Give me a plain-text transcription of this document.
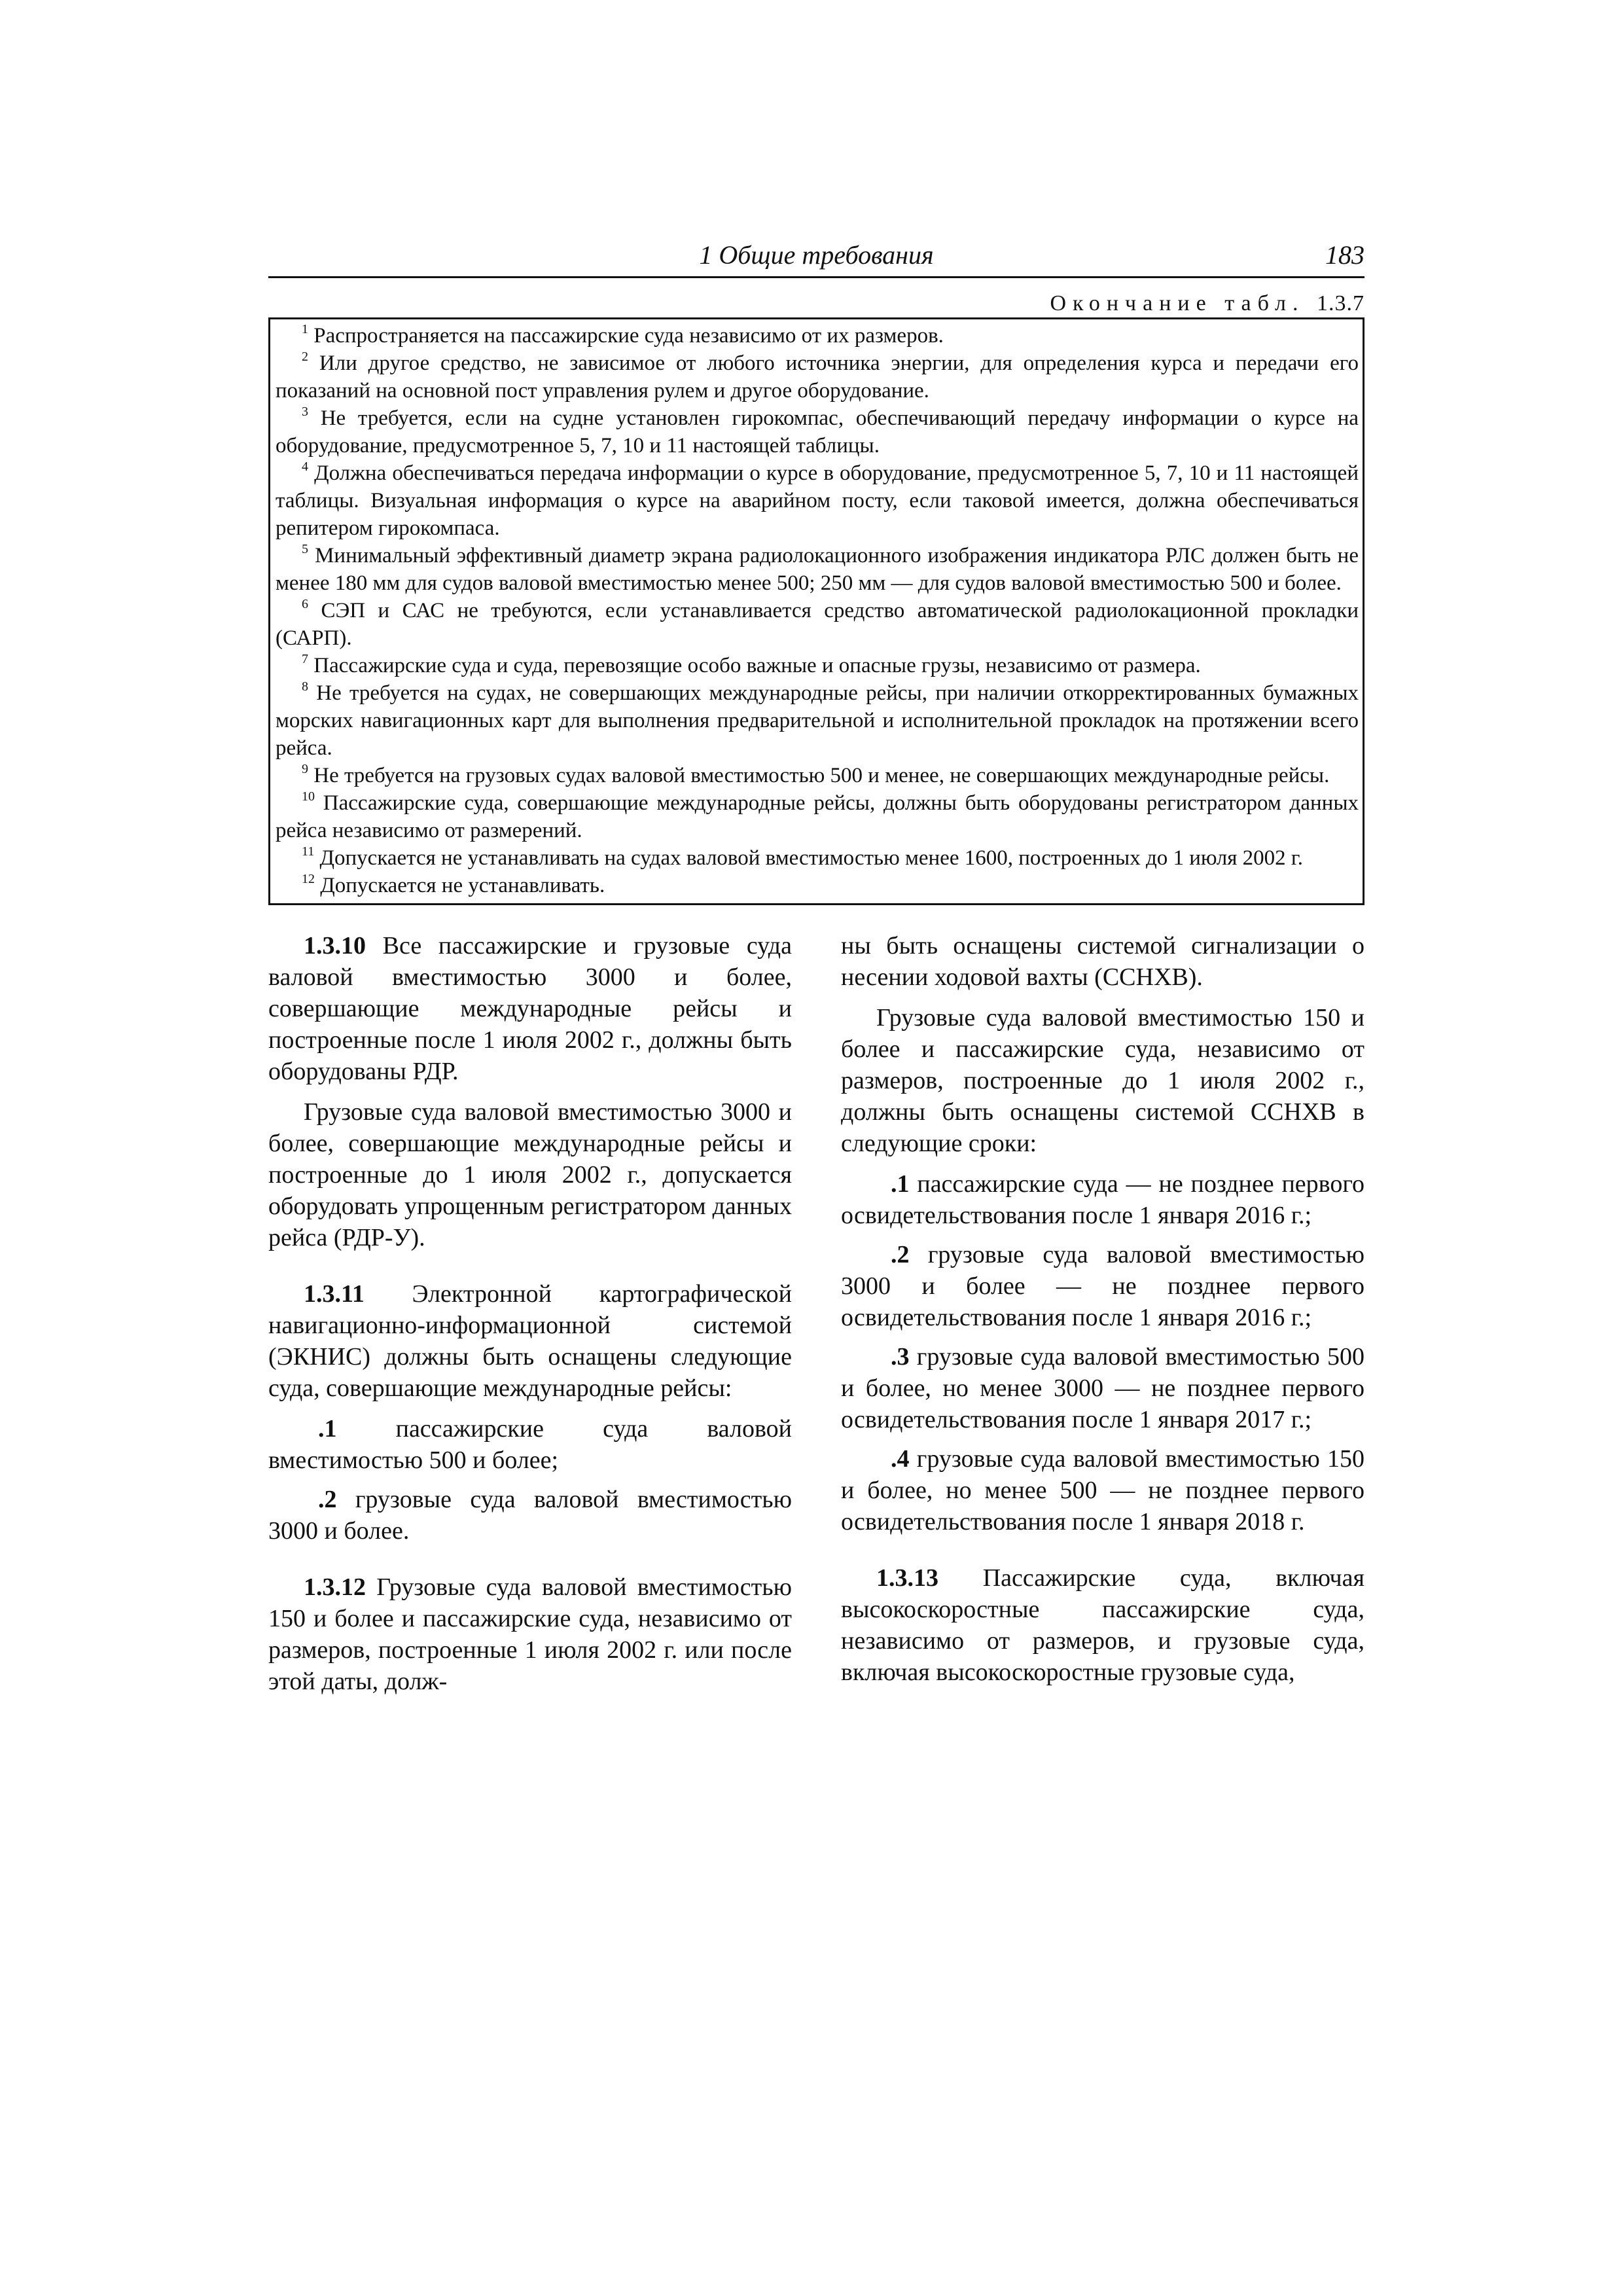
1 Общие требования	183
Окончание табл. 1.3.7

$^1$ Распространяется на пассажирские суда независимо от их размеров.

$^2$ Или другое средство, не зависимое от любого источника энергии, для определения курса и передачи его показаний на основной пост управления рулем и другое оборудование.

$^3$ Не требуется, если на судне установлен гирокомпас, обеспечивающий передачу информации о курсе на оборудование, предусмотренное 5, 7, 10 и 11 настоящей таблицы.

$^4$ Должна обеспечиваться передача информации о курсе в оборудование, предусмотренное 5, 7, 10 и 11 настоящей таблицы. Визуальная информация о курсе на аварийном посту, если таковой имеется, должна обеспечиваться репитером гирокомпаса.

$^5$ Минимальный эффективный диаметр экрана радиолокационного изображения индикатора РЛС должен быть не менее 180 мм для судов валовой вместимостью менее 500; 250 мм — для судов валовой вместимостью 500 и более.

$^6$ СЭП и САС не требуются, если устанавливается средство автоматической радиолокационной прокладки (САРП).

$^7$ Пассажирские суда и суда, перевозящие особо важные и опасные грузы, независимо от размера.

$^8$ Не требуется на судах, не совершающих международные рейсы, при наличии откорректированных бумажных морских навигационных карт для выполнения предварительной и исполнительной прокладок на протяжении всего рейса.

$^9$ Не требуется на грузовых судах валовой вместимостью 500 и менее, не совершающих международные рейсы.

$^{10}$ Пассажирские суда, совершающие международные рейсы, должны быть оборудованы регистратором данных рейса независимо от размерений.

$^{11}$ Допускается не устанавливать на судах валовой вместимостью менее 1600, построенных до 1 июля 2002 г.

$^{12}$ Допускается не устанавливать.

1.3.10 Все пассажирские и грузовые суда валовой вместимостью 3000 и более, совершающие международные рейсы и построенные после 1 июля 2002 г., должны быть оборудованы РДР.

Грузовые суда валовой вместимостью 3000 и более, совершающие международные рейсы и построенные до 1 июля 2002 г., допускается оборудовать упрощенным регистратором данных рейса (РДР-У).

1.3.11 Электронной картографической навигационно-информационной системой (ЭКНИС) должны быть оснащены следующие суда, совершающие международные рейсы:

.1 пассажирские суда валовой вместимостью 500 и более;

.2 грузовые суда валовой вместимостью 3000 и более.

1.3.12 Грузовые суда валовой вместимостью 150 и более и пассажирские суда, независимо от размеров, построенные 1 июля 2002 г. или после этой даты, долж-

ны быть оснащены системой сигнализации о несении ходовой вахты (ССНХВ).

Грузовые суда валовой вместимостью 150 и более и пассажирские суда, независимо от размеров, построенные до 1 июля 2002 г., должны быть оснащены системой ССНХВ в следующие сроки:

.1 пассажирские суда — не позднее первого освидетельствования после 1 января 2016 г.;

.2 грузовые суда валовой вместимостью 3000 и более — не позднее первого освидетельствования после 1 января 2016 г.;

.3 грузовые суда валовой вместимостью 500 и более, но менее 3000 — не позднее первого освидетельствования после 1 января 2017 г.;

.4 грузовые суда валовой вместимостью 150 и более, но менее 500 — не позднее первого освидетельствования после 1 января 2018 г.

1.3.13 Пассажирские суда, включая высокоскоростные пассажирские суда, независимо от размеров, и грузовые суда, включая высокоскоростные грузовые суда,
